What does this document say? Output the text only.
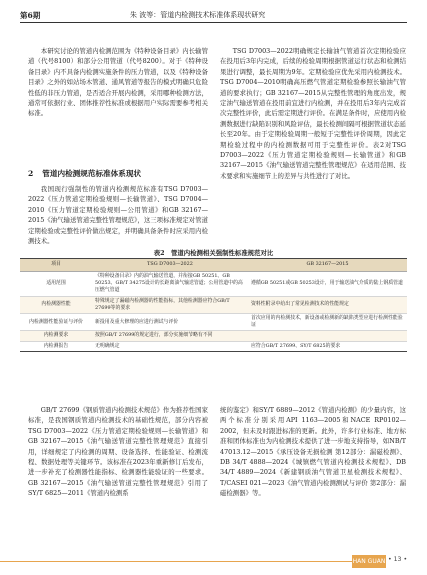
第6期	朱 波等：管道内检测技术标准体系现状研究

本研究讨论的管道内检测范围为《特种设备目录》内长输管道（代号8100）和部分公用管道（代号8200）。对于《特种设备目录》内不具备内检测实施条件的压力管道，以及《特种设备目录》之外的如站场木管道、通风管道等报告的模式明确只危险性低的非压力管道，是否适合开展内检测，采用哪种检测方法，通常可依据行业、团体推荐性标准或根据用户实际需要参考相关标准。

2 管道内检测规范标准体系现状

我国现行强制性的管道内检测规范标准有TSG D7003—2022《压力管道定期检验规则—长输管道》、TSG D7004—2010《压力管道定期检验规则—公用管道》和GB 32167—2015《油气输送管道完整性管理规范》，这三项标准规定对管道定期检验或完整性评价做出规定，并明确具备条件时应采用内检测技术。

TSG D7003—2022明确规定长输油气管道首次定期检验应在投用后3年内完成，后续的检验周期根据管道运行状态和检测结果进行调整，最长周期为9年。定期检验应优先采用内检测技术。TSG D7004—2010明确高压燃气管道定期检验参照长输油气管道的要求执行；GB 32167—2015从完整性管理的角度出发，规定油气输送管道在投用前宜进行内检测，并在投用后3年内完成首次完整性评价，此后需定期进行评价。在满足条件时，应使用内检测数据进行缺陷识别和风险评估，最长检测间隔可根据管道状态延长至20年。由于定期检验周期一般短于完整性评价周期，因此定期检验过程中的内检测数据可用于完整性评价。表2对TSG D7003—2022《压力管道定期检验规则—长输管道》和GB 32167—2015《油气输送管道完整性管理规范》在适用范围、技术要求和实施细节上的差异与共性进行了对比。

表2　管道内检测相关强制性标准规范对比
项目	TSG D7003—2022	GB 32167—2015
适用范围	《特种设备目录》内的油气输送管道，并衔接GB 50251、GB 50253、GB/T 34275设计的长距离油气输送管道；公用管道中的高压燃气管道	遵循GB 50251或GB 50253设计，用于输送油气介质的陆上钢质管道
内检测器性能	特殊规定了漏磁内检测器的性能指标，其他检测器应符合GB/T 27699等的要求	资料性附录中给出了常见检测技术的性能规定
内检测器性能验证与评价	新投用及重大修理的应进行测试与评价	首次应用的内检测技术，新设备或检测新的缺陷类型应进行检测性能验证
内检测要求	按照GB/T 27699的规定进行，部分实施细节略有不同	
内检测报告	无明确规定	应符合GB/T 27699、SY/T 6825的要求

GB/T 27699《钢质管道内检测技术规范》作为推荐性国家标准，是我国钢质管道内检测技术的基础性规范，部分内容被TSG D7003—2022《压力管道定期检验规则—长输管道》和GB 32167—2015《油气输送管道完整性管理规范》直接引用，详细规定了内检测的周期、设备选择、性能验证、检测流程、数据处理等关键环节。该标准在2023年重新修订后发布，进一步补充了检测器性能指标、检测器性能验证的一些要求。GB 32167—2015《油气输送管道完整性管理规范》引用了SY/T 6825—2011《管道内检测系

统的鉴定》和SY/T 6889—2012《管道内检测》的少量内容，这两个标准分别采用API 1163—2005和NACE RP0102—2002，但未及时跟进标准的更新。此外，许多行业标准、地方标准和团体标准也为内检测技术提供了进一步地支持指导，如NB/T 47013.12—2015《承压设备无损检测 第12部分：漏磁检测》、DB 34/T 4888—2024《城镇燃气管道内检测技术规程》、DB 34/T 4889—2024《新建钢质油气管道卫星检测技术规程》、T/CASEI 021—2023《油气管道内检测测试与评价 第2部分：漏磁检测器》等。

HAN GUAN • 13 •
